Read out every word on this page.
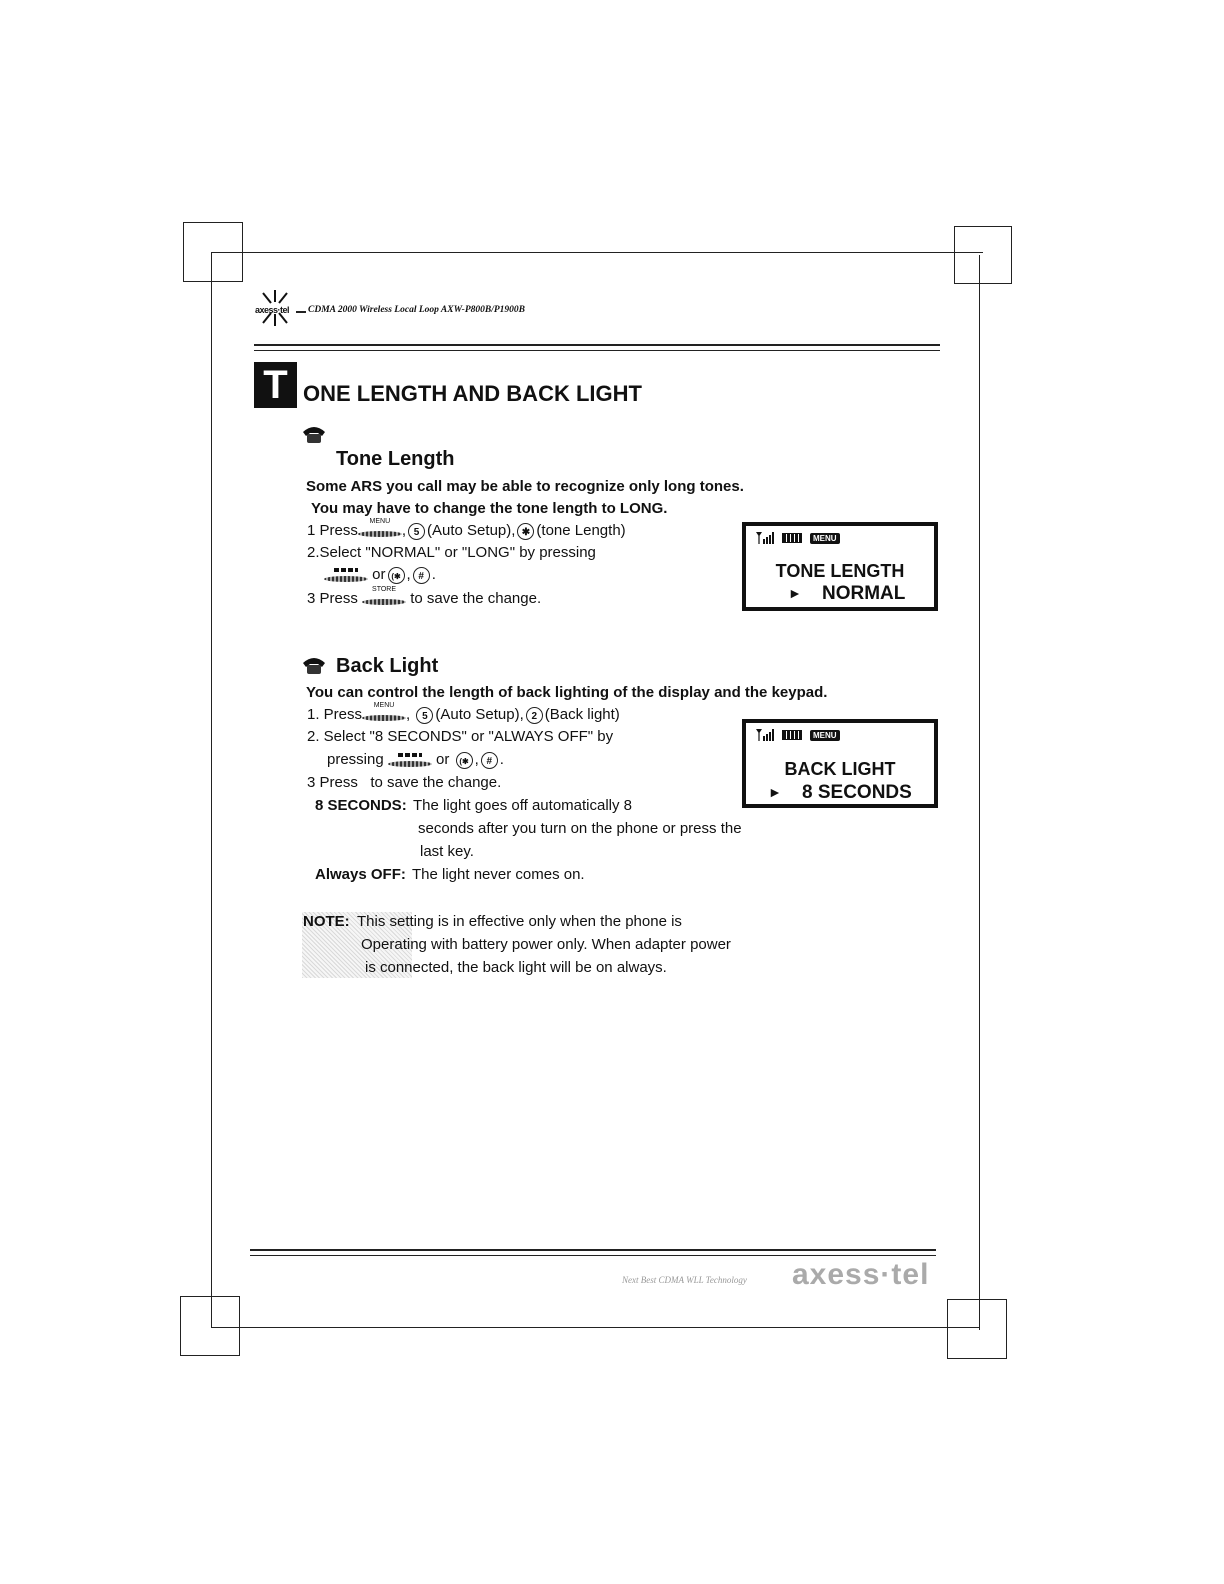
axess·tel CDMA 2000 Wireless Local Loop AXW-P800B/P1900B
T ONE LENGTH AND BACK LIGHT
Tone Length
Some ARS you call may be able to recognize only long tones.
You may have to change the tone length to LONG.
1 Press
MENU
, 5 (Auto Setup), ✱ (tone Length)
2.Select "NORMAL" or "LONG" by pressing
or (✱ , # .
3 Press
STORE
to save the change.
MENU
TONE LENGTH
► NORMAL
Back Light
You can control the length of back lighting of the display and the keypad.
1. Press
MENU
, 5 (Auto Setup), 2 (Back light)
2. Select "8 SECONDS" or "ALWAYS OFF" by
pressing	or (✱ , # .
3 Press   to save the change.
8 SECONDS: The light goes off automatically 8
seconds after you turn on the phone or press the
last key.
Always OFF: The light never comes on.
MENU
BACK LIGHT
► 8 SECONDS
NOTE: This setting is in effective only when the phone is
Operating with battery power only. When adapter power
is connected, the back light will be on always.
Next Best CDMA WLL Technology axess·tel
